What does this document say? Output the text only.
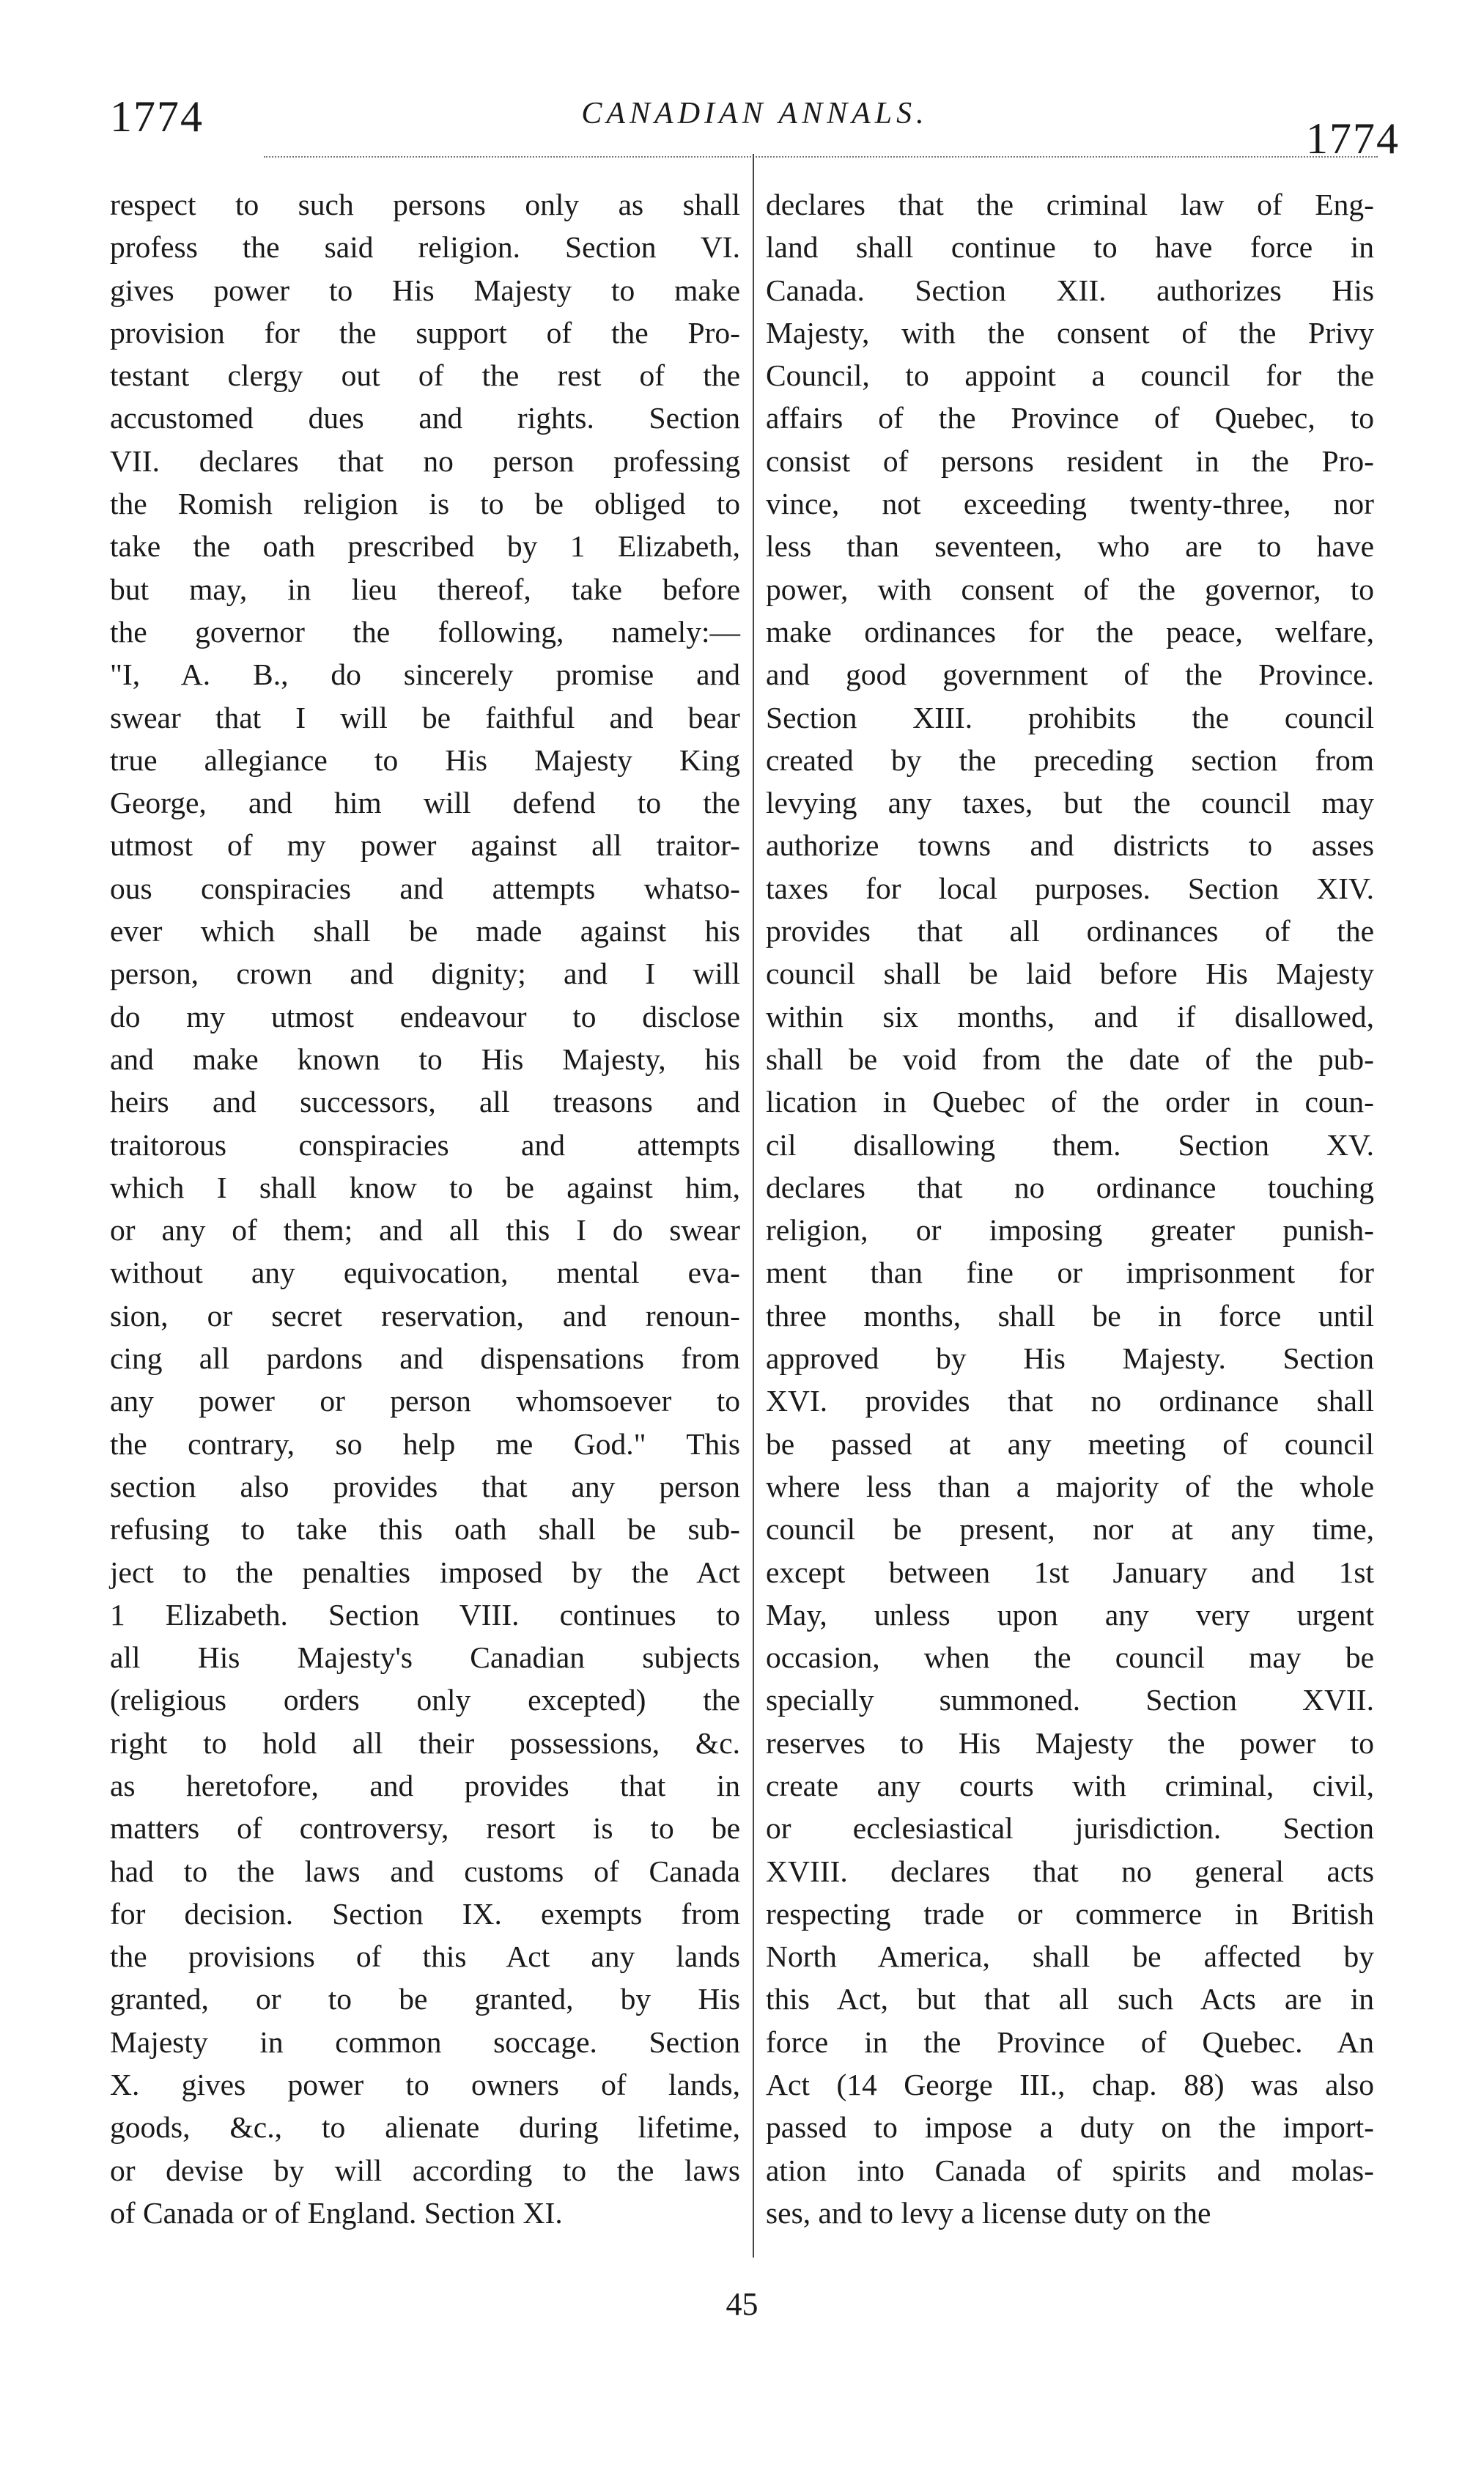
1774	CANADIAN ANNALS.
1774
respect to such persons only as shall
profess the said religion. Section VI.
gives power to His Majesty to make
provision for the support of the Pro-
testant clergy out of the rest of the
accustomed dues and rights. Section
VII. declares that no person professing
the Romish religion is to be obliged to
take the oath prescribed by 1 Elizabeth,
but may, in lieu thereof, take before
the governor the following, namely:—
"I, A. B., do sincerely promise and
swear that I will be faithful and bear
true allegiance to His Majesty King
George, and him will defend to the
utmost of my power against all traitor-
ous conspiracies and attempts whatso-
ever which shall be made against his
person, crown and dignity; and I will
do my utmost endeavour to disclose
and make known to His Majesty, his
heirs and successors, all treasons and
traitorous conspiracies and attempts
which I shall know to be against him,
or any of them; and all this I do swear
without any equivocation, mental eva-
sion, or secret reservation, and renoun-
cing all pardons and dispensations from
any power or person whomsoever to
the contrary, so help me God." This
section also provides that any person
refusing to take this oath shall be sub-
ject to the penalties imposed by the Act
1 Elizabeth. Section VIII. continues to
all His Majesty's Canadian subjects
(religious orders only excepted) the
right to hold all their possessions, &c.
as heretofore, and provides that in
matters of controversy, resort is to be
had to the laws and customs of Canada
for decision. Section IX. exempts from
the provisions of this Act any lands
granted, or to be granted, by His
Majesty in common soccage. Section
X. gives power to owners of lands,
goods, &c., to alienate during lifetime,
or devise by will according to the laws
of Canada or of England. Section XI.
declares that the criminal law of Eng-
land shall continue to have force in
Canada. Section XII. authorizes His
Majesty, with the consent of the Privy
Council, to appoint a council for the
affairs of the Province of Quebec, to
consist of persons resident in the Pro-
vince, not exceeding twenty-three, nor
less than seventeen, who are to have
power, with consent of the governor, to
make ordinances for the peace, welfare,
and good government of the Province.
Section XIII. prohibits the council
created by the preceding section from
levying any taxes, but the council may
authorize towns and districts to asses
taxes for local purposes. Section XIV.
provides that all ordinances of the
council shall be laid before His Majesty
within six months, and if disallowed,
shall be void from the date of the pub-
lication in Quebec of the order in coun-
cil disallowing them. Section XV.
declares that no ordinance touching
religion, or imposing greater punish-
ment than fine or imprisonment for
three months, shall be in force until
approved by His Majesty. Section
XVI. provides that no ordinance shall
be passed at any meeting of council
where less than a majority of the whole
council be present, nor at any time,
except between 1st January and 1st
May, unless upon any very urgent
occasion, when the council may be
specially summoned. Section XVII.
reserves to His Majesty the power to
create any courts with criminal, civil,
or ecclesiastical jurisdiction. Section
XVIII. declares that no general acts
respecting trade or commerce in British
North America, shall be affected by
this Act, but that all such Acts are in
force in the Province of Quebec. An
Act (14 George III., chap. 88) was also
passed to impose a duty on the import-
ation into Canada of spirits and molas-
ses, and to levy a license duty on the
45
